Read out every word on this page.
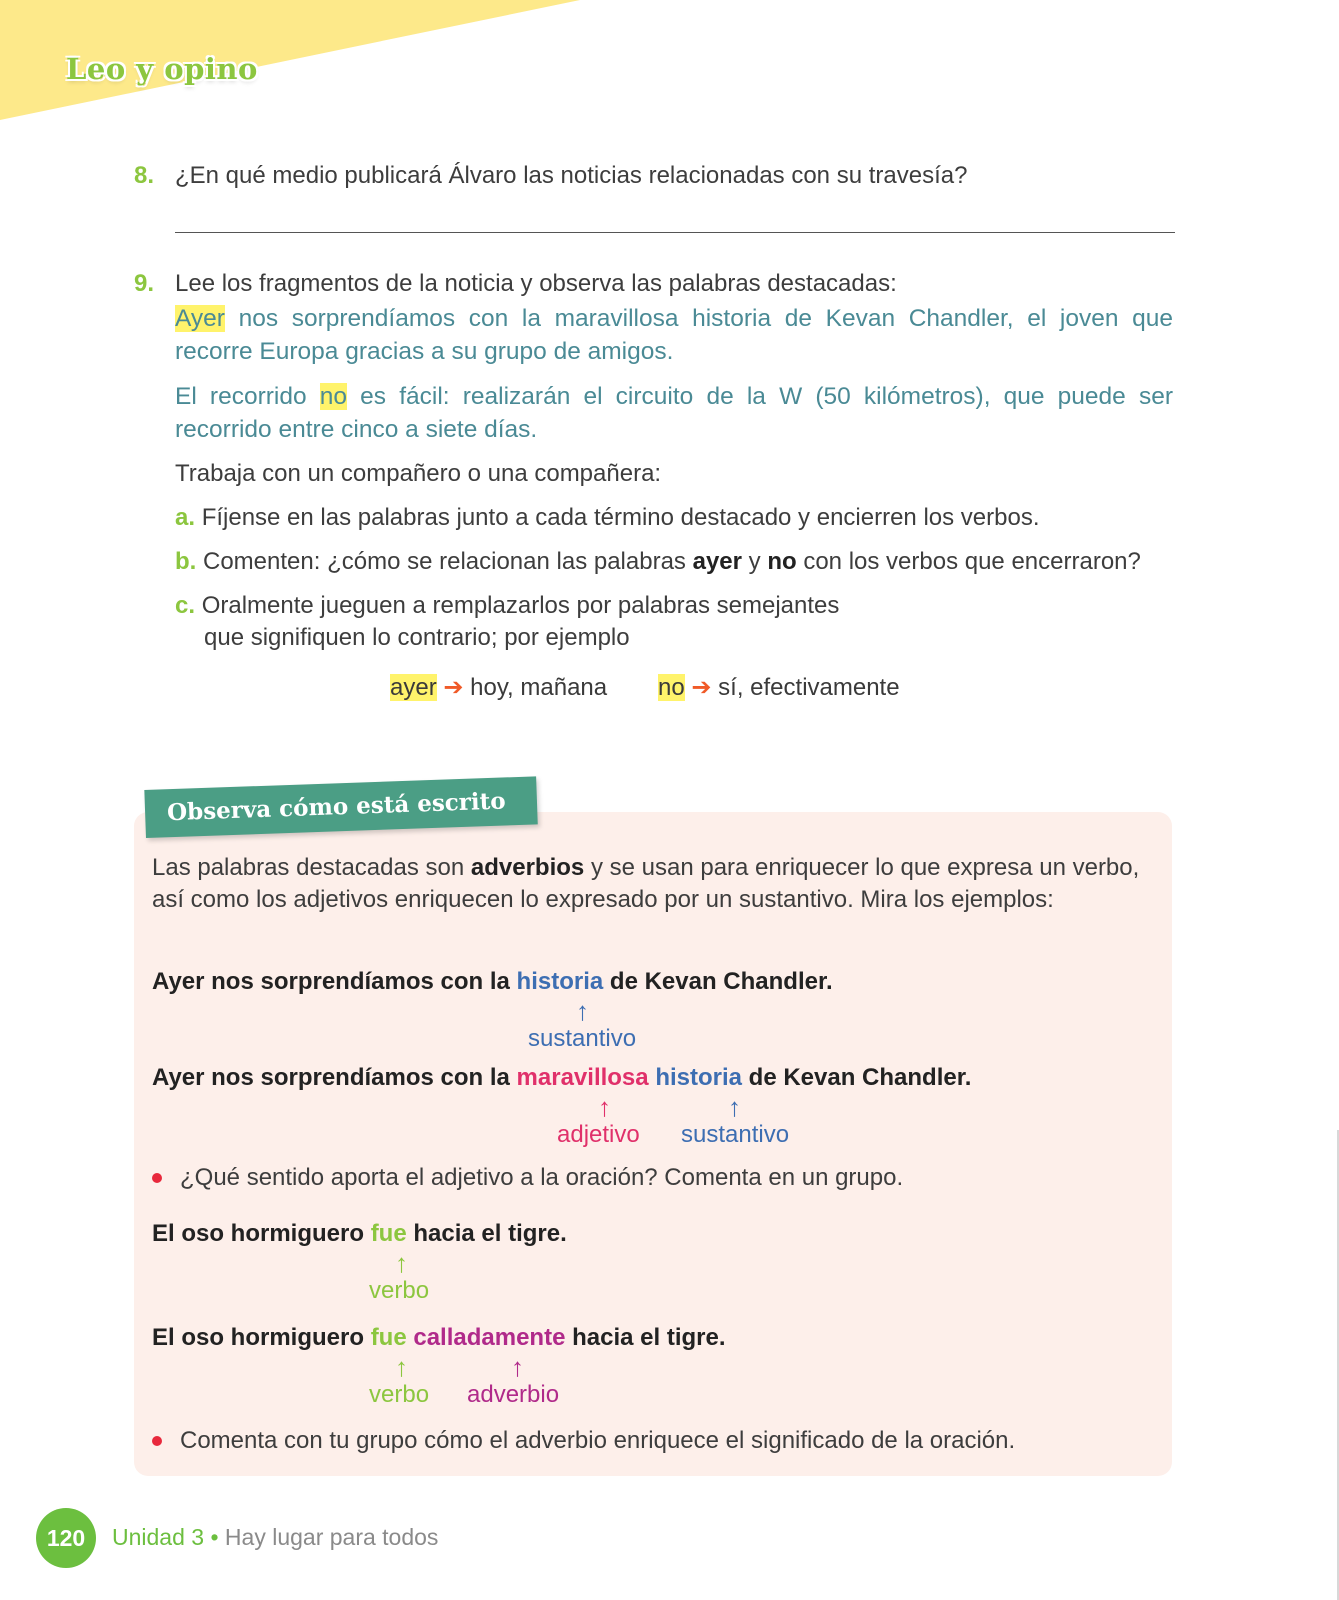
Leo y opino
8. ¿En qué medio publicará Álvaro las noticias relacionadas con su travesía?
9. Lee los fragmentos de la noticia y observa las palabras destacadas:
Ayer nos sorprendíamos con la maravillosa historia de Kevan Chandler, el joven que recorre Europa gracias a su grupo de amigos.
El recorrido no es fácil: realizarán el circuito de la W (50 kilómetros), que puede ser recorrido entre cinco a siete días.
Trabaja con un compañero o una compañera:
a. Fíjense en las palabras junto a cada término destacado y encierren los verbos.
b. Comenten: ¿cómo se relacionan las palabras ayer y no con los verbos que encerraron?
c. Oralmente jueguen a remplazarlos por palabras semejantes
que signifiquen lo contrario; por ejemplo
ayer ➔ hoy, mañana no ➔ sí, efectivamente
Observa cómo está escrito
Las palabras destacadas son adverbios y se usan para enriquecer lo que expresa un verbo, así como los adjetivos enriquecen lo expresado por un sustantivo. Mira los ejemplos:
Ayer nos sorprendíamos con la historia de Kevan Chandler.
↑
sustantivo
Ayer nos sorprendíamos con la maravillosa historia de Kevan Chandler.
↑	↑
adjetivo sustantivo
¿Qué sentido aporta el adjetivo a la oración? Comenta en un grupo.
El oso hormiguero fue hacia el tigre.
↑
verbo
El oso hormiguero fue calladamente hacia el tigre.
↑	↑
verbo adverbio
Comenta con tu grupo cómo el adverbio enriquece el significado de la oración.
120	Unidad 3 • Hay lugar para todos
